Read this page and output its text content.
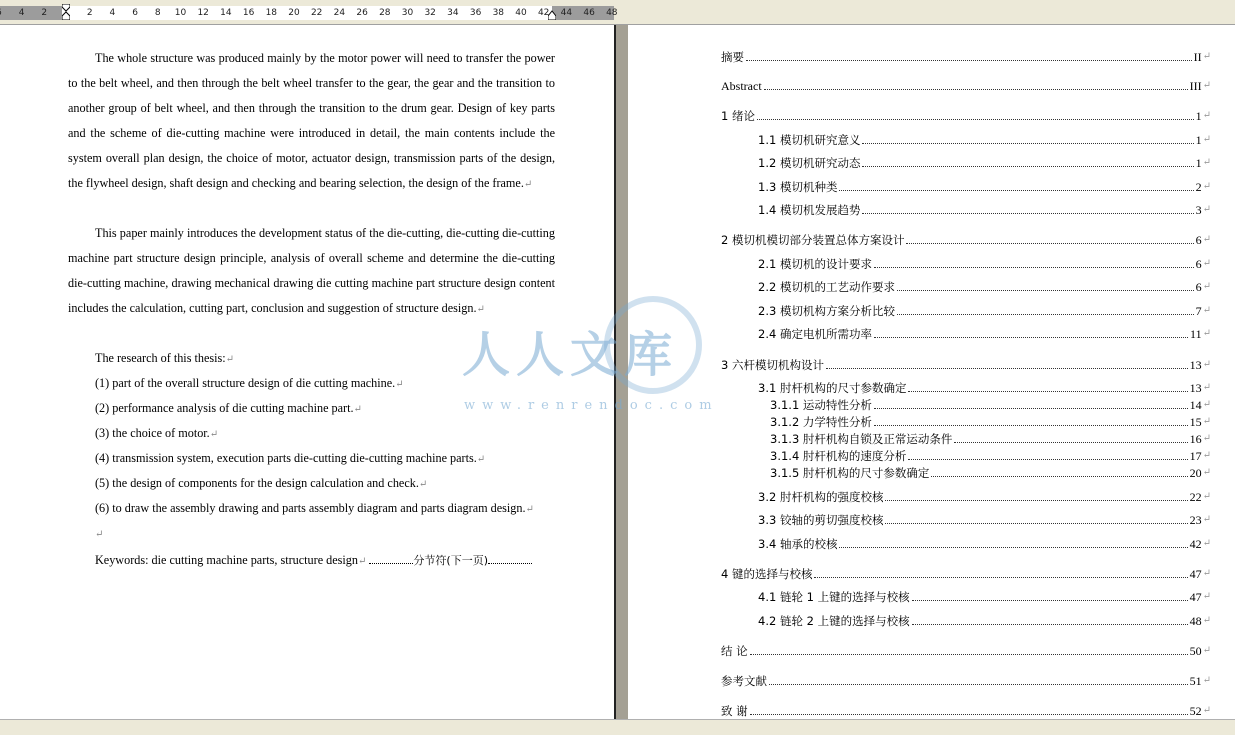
4 2	2 4 6 8 10 12 14 16 18 20 22 24 26 28 30 32 34 36 38 40 42 44 46 48

The whole structure was produced mainly by the motor power will need to transfer the power to the belt wheel, and then through the belt wheel transfer to the gear, the gear and the transition to another group of belt wheel, and then through the transition to the drum gear. Design of key parts and the scheme of die-cutting machine were introduced in detail, the main contents include the system overall plan design, the choice of motor, actuator design, transmission parts of the design, the flywheel design, shaft design and checking and bearing selection, the design of the frame.↵

This paper mainly introduces the development status of the die-cutting, die-cutting die-cutting machine part structure design principle, analysis of overall scheme and determine the die-cutting die-cutting machine, drawing mechanical drawing die cutting machine part structure design content includes the calculation, cutting part, conclusion and suggestion of structure design.↵

The research of this thesis:↵
↵
Keywords: die cutting machine parts, structure design↵	分节符(下一页)
(1) part of the overall structure design of die cutting machine.↵
(2) performance analysis of die cutting machine part.↵
(3) the choice of motor.↵
(4) transmission system, execution parts die-cutting die-cutting machine parts.↵
(5) the design of components for the design calculation and check.↵
(6) to draw the assembly drawing and parts assembly diagram and parts diagram design.↵
摘要	II ↵
Abstract	III ↵
1 绪论	1 ↵
1.1 模切机研究意义	1 ↵
1.2 模切机研究动态	1 ↵
1.3 模切机种类	2 ↵
1.4 模切机发展趋势	3 ↵
2 模切机模切部分装置总体方案设计	6 ↵
2.1 模切机的设计要求	6 ↵
2.2 模切机的工艺动作要求	6 ↵
2.3 模切机构方案分析比较	7 ↵
2.4 确定电机所需功率	11 ↵
3 六杆模切机构设计	13 ↵
3.1 肘杆机构的尺寸参数确定	13 ↵
3.1.1 运动特性分析	14 ↵
3.1.2 力学特性分析	15 ↵
3.1.3 肘杆机构自锁及正常运动条件	16 ↵
3.1.4 肘杆机构的速度分析	17 ↵
3.1.5 肘杆机构的尺寸参数确定	20 ↵
3.2 肘杆机构的强度校核	22 ↵
3.3 铰轴的剪切强度校核	23 ↵
3.4 轴承的校核	42 ↵
4 键的选择与校核	47 ↵
4.1 链轮 1 上键的选择与校核	47 ↵
4.2 链轮 2 上键的选择与校核	48 ↵
结 论	50 ↵
参考文献	51 ↵
致 谢	52 ↵
人人文库
www.renrendoc.com
